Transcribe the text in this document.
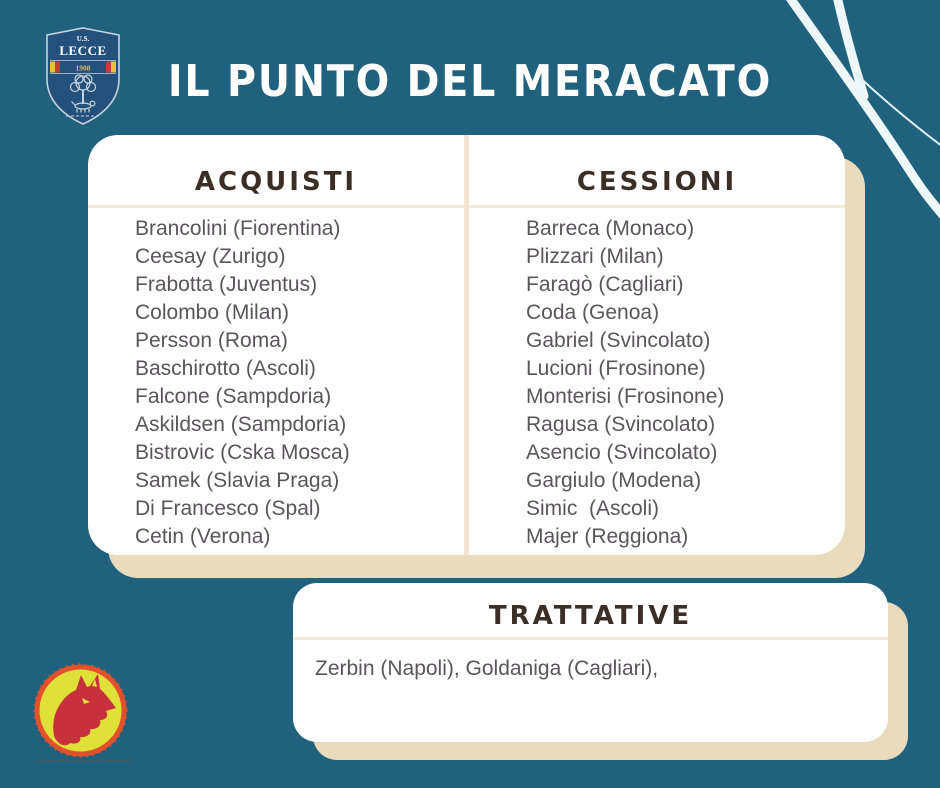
U.S.
LECCE
1908	IL PUNTO DEL MERACATO
ACQUISTI
Brancolini (Fiorentina)
Ceesay (Zurigo)
Frabotta (Juventus)
Colombo (Milan)
Persson (Roma)
Baschirotto (Ascoli)
Falcone (Sampdoria)
Askildsen (Sampdoria)
Bistrovic (Cska Mosca)
Samek (Slavia Praga)
Di Francesco (Spal)
Cetin (Verona)
CESSIONI
Barreca (Monaco)
Plizzari (Milan)
Faragò (Cagliari)
Coda (Genoa)
Gabriel (Svincolato)
Lucioni (Frosinone)
Monterisi (Frosinone)
Ragusa (Svincolato)
Asencio (Svincolato)
Gargiulo (Modena)
Simic  (Ascoli)
Majer (Reggiona)
TRATTATIVE
Zerbin (Napoli), Goldaniga (Cagliari),
